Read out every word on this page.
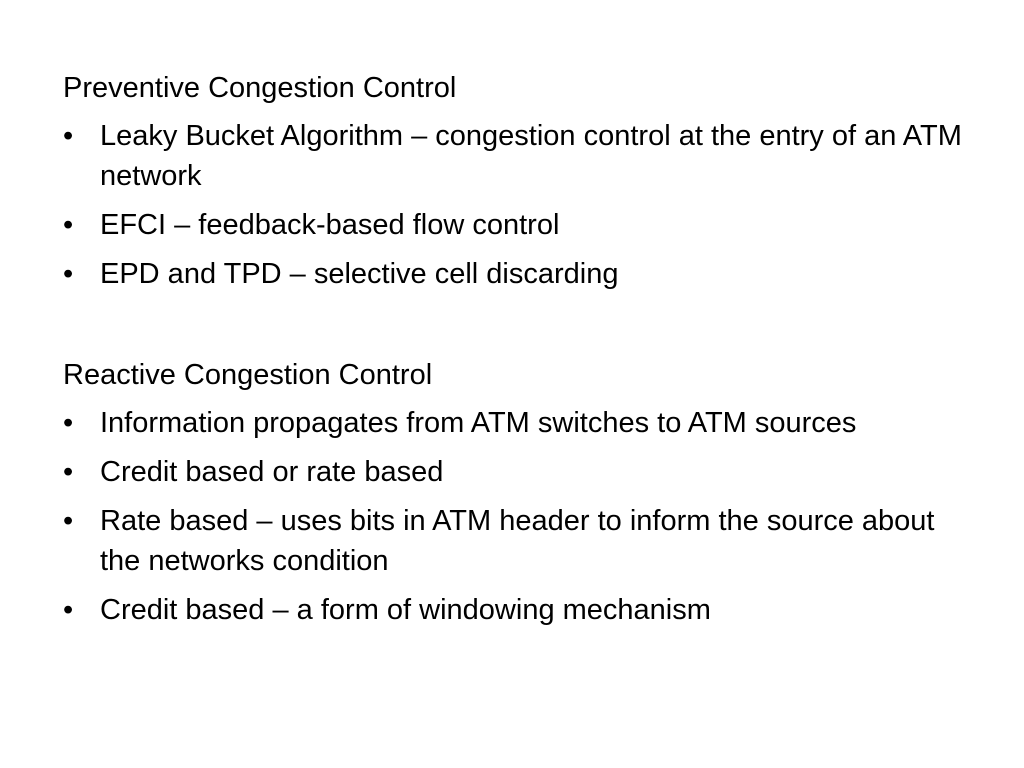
Preventive Congestion Control
• Leaky Bucket Algorithm – congestion control at the entry of an ATM network
• EFCI – feedback-based flow control
• EPD and TPD – selective cell discarding
Reactive Congestion Control
• Information propagates from ATM switches to ATM sources
• Credit based or rate based
• Rate based – uses bits in ATM header to inform the source about the networks condition
• Credit based – a form of windowing mechanism
